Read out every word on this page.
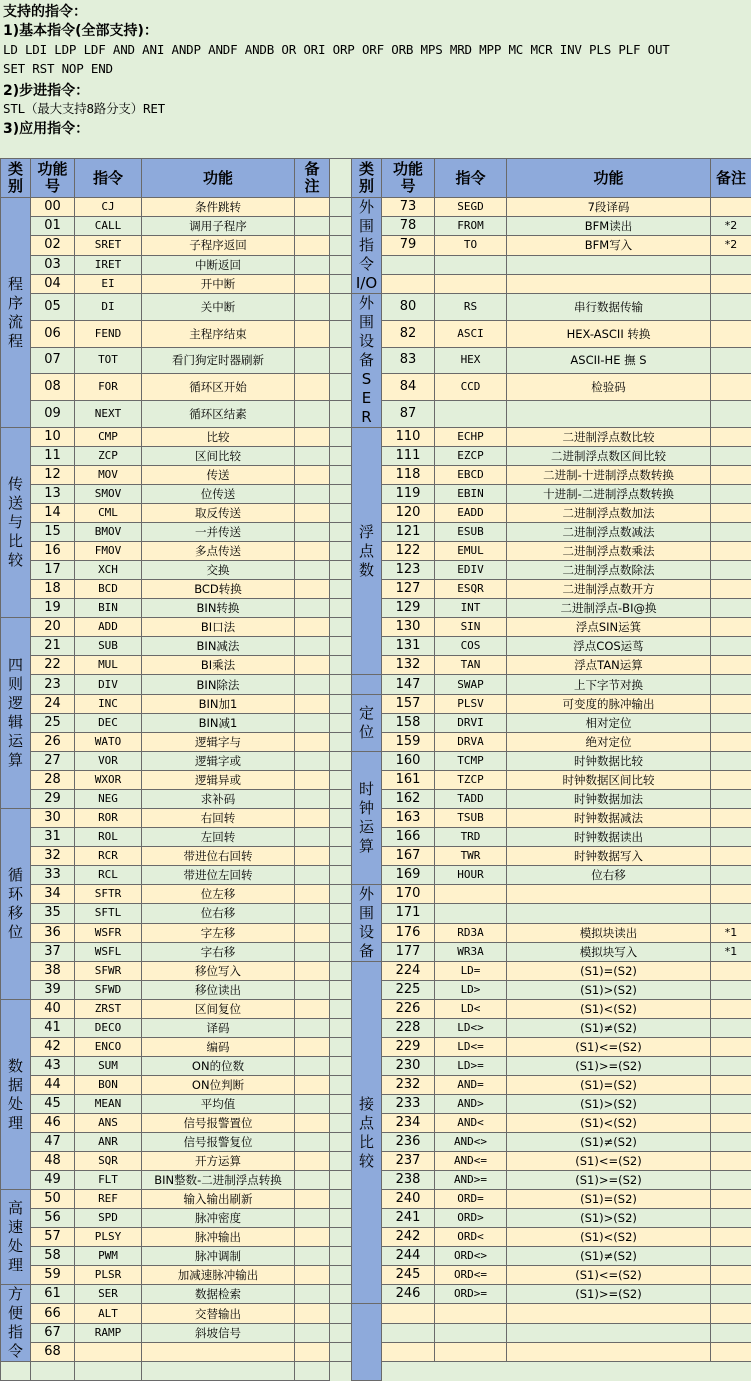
支持的指令：
1)基本指令(全部支持)：
LD LDI LDP LDF AND ANI ANDP ANDF ANDB OR ORI ORP ORF ORB MPS MRD MPP MC MCR INV PLS PLF OUT
SET RST NOP END
2)步进指令：
STL（最大支持8路分支）RET
3)应用指令：
类别	功能号	指令	功能	备注		类别	功能号	指令	功能	备注
程序流程	00	CJ	条件跳转			外围指令I/O	73	SEGD	7段译码	
	01	CALL	调用子程序				78	FROM	BFM读出	*2
	02	SRET	子程序返回				79	TO	BFM写入	*2
	03	IRET	中断返回							
	04	EI	开中断							
	05	DI	关中断			外围设备SER	80	RS	串行数据传输	
	06	FEND	主程序结束				82	ASCI	HEX-ASCII 转换	
	07	TOT	看门狗定时器刷新				83	HEX	ASCII-HE 撫 S	
	08	FOR	循环区开始				84	CCD	检验码	
	09	NEXT	循环区结素				87			
传送与比较	10	CMP	比较			浮点数	110	ECHP	二进制浮点数比较	
	11	ZCP	区间比较				111	EZCP	二进制浮点数区间比较	
	12	MOV	传送				118	EBCD	二进制-十进制浮点数转换	
	13	SMOV	位传送				119	EBIN	十进制-二进制浮点数转换	
	14	CML	取反传送				120	EADD	二进制浮点数加法	
	15	BMOV	一并传送				121	ESUB	二进制浮点数减法	
	16	FMOV	多点传送				122	EMUL	二进制浮点数乘法	
	17	XCH	交换				123	EDIV	二进制浮点数除法	
	18	BCD	BCD转换				127	ESQR	二进制浮点数开方	
	19	BIN	BIN转换				129	INT	二进制浮点-BI@换	
四则逻辑运算	20	ADD	BI口法				130	SIN	浮点SIN运箕	
	21	SUB	BIN减法				131	COS	浮点COS运茑	
	22	MUL	BI乘法				132	TAN	浮点TAN运算	
	23	DIV	BIN除法				147	SWAP	上下字节对换	
	24	INC	BIN加1			定位	157	PLSV	可变度的脉冲输出	
	25	DEC	BIN减1				158	DRVI	相对定位	
	26	WATO	逻辑字与				159	DRVA	绝对定位	
	27	VOR	逻辑字或			时钟运算	160	TCMP	时钟数据比较	
	28	WXOR	逻辑异或				161	TZCP	时钟数据区间比较	
	29	NEG	求补码				162	TADD	时钟数据加法	
循环移位	30	ROR	右回转				163	TSUB	时钟数据减法	
	31	ROL	左回转				166	TRD	时钟数据读出	
	32	RCR	带进位右回转				167	TWR	时钟数据写入	
	33	RCL	带进位左回转				169	HOUR	位右移	
	34	SFTR	位左移			外围设备	170			
	35	SFTL	位右移				171			
	36	WSFR	字左移				176	RD3A	模拟块读出	*1
	37	WSFL	字右移				177	WR3A	模拟块写入	*1
	38	SFWR	移位写入			接点比较	224	LD=	(S1)=(S2)	
	39	SFWD	移位读出				225	LD>	(S1)>(S2)	
数据处理	40	ZRST	区间复位				226	LD<	(S1)<(S2)	
	41	DECO	译码				228	LD<>	(S1)≠(S2)	
	42	ENCO	编码				229	LD<=	(S1)<=(S2)	
	43	SUM	ON的位数				230	LD>=	(S1)>=(S2)	
	44	BON	ON位判断				232	AND=	(S1)=(S2)	
	45	MEAN	平均值				233	AND>	(S1)>(S2)	
	46	ANS	信号报警置位				234	AND<	(S1)<(S2)	
	47	ANR	信号报警复位				236	AND<>	(S1)≠(S2)	
	48	SQR	开方运算				237	AND<=	(S1)<=(S2)	
	49	FLT	BIN整数-二进制浮点转换				238	AND>=	(S1)>=(S2)	
高速处理	50	REF	输入输出刷新				240	ORD=	(S1)=(S2)	
	56	SPD	脉冲密度				241	ORD>	(S1)>(S2)	
	57	PLSY	脉冲输出				242	ORD<	(S1)<(S2)	
	58	PWM	脉冲调制				244	ORD<>	(S1)≠(S2)	
	59	PLSR	加减速脉冲输出				245	ORD<=	(S1)<=(S2)	
方便指令	61	SER	数据检索				246	ORD>=	(S1)>=(S2)	
	66	ALT	交替输出							
	67	RAMP	斜坡信号							
	68									
